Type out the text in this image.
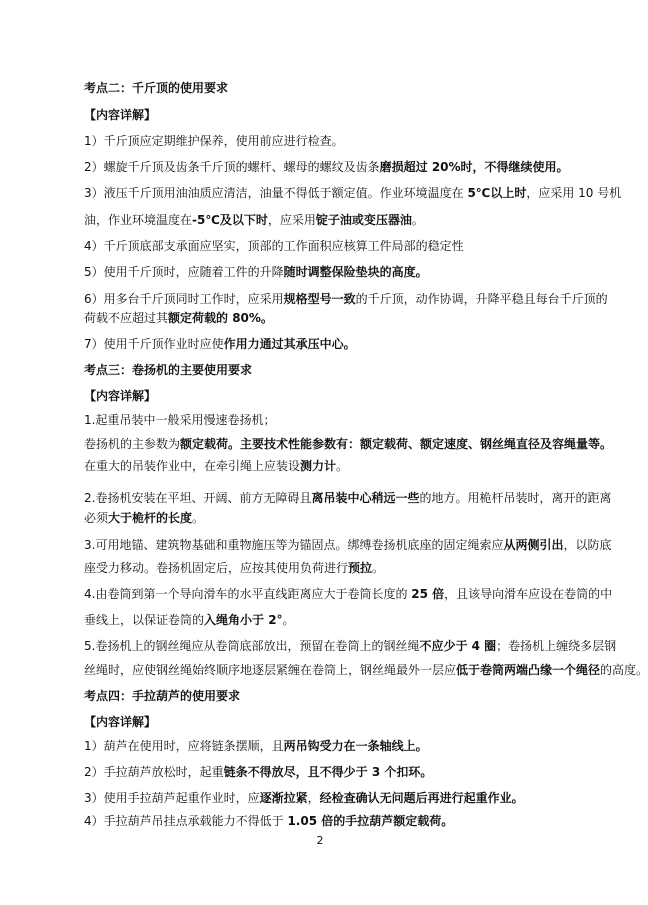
考点二：千斤顶的使用要求
【内容详解】
1）千斤顶应定期维护保养，使用前应进行检查。
2）螺旋千斤顶及齿条千斤顶的螺杆、螺母的螺纹及齿条磨损超过 20%时，不得继续使用。
3）液压千斤顶用油油质应清洁，油量不得低于额定值。作业环境温度在 5℃以上时，应采用 10 号机
油，作业环境温度在-5℃及以下时，应采用锭子油或变压器油。
4）千斤顶底部支承面应坚实，顶部的工作面积应核算工件局部的稳定性
5）使用千斤顶时，应随着工件的升降随时调整保险垫块的高度。
6）用多台千斤顶同时工作时，应采用规格型号一致的千斤顶，动作协调，升降平稳且每台千斤顶的
荷载不应超过其额定荷载的 80%。
7）使用千斤顶作业时应使作用力通过其承压中心。
考点三：卷扬机的主要使用要求
【内容详解】
1.起重吊装中一般采用慢速卷扬机；
卷扬机的主参数为额定载荷。主要技术性能参数有：额定载荷、额定速度、钢丝绳直径及容绳量等。
在重大的吊装作业中，在牵引绳上应装设测力计。
2.卷扬机安装在平坦、开阔、前方无障碍且离吊装中心稍远一些的地方。用桅杆吊装时，离开的距离
必须大于桅杆的长度。
3.可用地锚、建筑物基础和重物施压等为锚固点。绑缚卷扬机底座的固定绳索应从两侧引出，以防底
座受力移动。卷扬机固定后，应按其使用负荷进行预拉。
4.由卷筒到第一个导向滑车的水平直线距离应大于卷筒长度的 25 倍，且该导向滑车应设在卷筒的中
垂线上，以保证卷筒的入绳角小于 2°。
5.卷扬机上的钢丝绳应从卷筒底部放出，预留在卷筒上的钢丝绳不应少于 4 圈；卷扬机上缠绕多层钢
丝绳时，应使钢丝绳始终顺序地逐层紧缠在卷筒上，钢丝绳最外一层应低于卷筒两端凸缘一个绳径的高度。
考点四：手拉葫芦的使用要求
【内容详解】
1）葫芦在使用时，应将链条摆顺，且两吊钩受力在一条轴线上。
2）手拉葫芦放松时，起重链条不得放尽，且不得少于 3 个扣环。
3）使用手拉葫芦起重作业时，应逐渐拉紧，经检查确认无问题后再进行起重作业。
4）手拉葫芦吊挂点承载能力不得低于 1.05 倍的手拉葫芦额定载荷。
2
